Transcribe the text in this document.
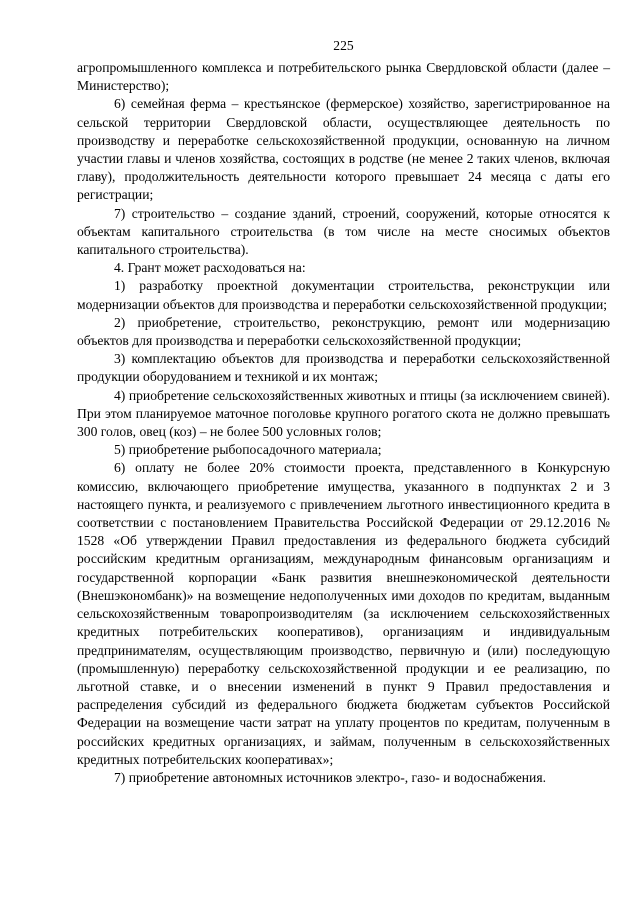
225

агропромышленного комплекса и потребительского рынка Свердловской области (далее – Министерство);

6) семейная ферма – крестьянское (фермерское) хозяйство, зарегистрированное на сельской территории Свердловской области, осуществляющее деятельность по производству и переработке сельскохозяйственной продукции, основанную на личном участии главы и членов хозяйства, состоящих в родстве (не менее 2 таких членов, включая главу), продолжительность деятельности которого превышает 24 месяца с даты его регистрации;

7) строительство – создание зданий, строений, сооружений, которые относятся к объектам капитального строительства (в том числе на месте сносимых объектов капитального строительства).

4. Грант может расходоваться на:

1) разработку проектной документации строительства, реконструкции или модернизации объектов для производства и переработки сельскохозяйственной продукции;

2) приобретение, строительство, реконструкцию, ремонт или модернизацию объектов для производства и переработки сельскохозяйственной продукции;

3) комплектацию объектов для производства и переработки сельскохозяйственной продукции оборудованием и техникой и их монтаж;

4) приобретение сельскохозяйственных животных и птицы (за исключением свиней). При этом планируемое маточное поголовье крупного рогатого скота не должно превышать 300 голов, овец (коз) – не более 500 условных голов;

5) приобретение рыбопосадочного материала;

6) оплату не более 20% стоимости проекта, представленного в Конкурсную комиссию, включающего приобретение имущества, указанного в подпунктах 2 и 3 настоящего пункта, и реализуемого с привлечением льготного инвестиционного кредита в соответствии с постановлением Правительства Российской Федерации от 29.12.2016 № 1528 «Об утверждении Правил предоставления из федерального бюджета субсидий российским кредитным организациям, международным финансовым организациям и государственной корпорации «Банк развития внешнеэкономической деятельности (Внешэкономбанк)» на возмещение недополученных ими доходов по кредитам, выданным сельскохозяйственным товаропроизводителям (за исключением сельскохозяйственных кредитных потребительских кооперативов), организациям и индивидуальным предпринимателям, осуществляющим производство, первичную и (или) последующую (промышленную) переработку сельскохозяйственной продукции и ее реализацию, по льготной ставке, и о внесении изменений в пункт 9 Правил предоставления и распределения субсидий из федерального бюджета бюджетам субъектов Российской Федерации на возмещение части затрат на уплату процентов по кредитам, полученным в российских кредитных организациях, и займам, полученным в сельскохозяйственных кредитных потребительских кооперативах»;

7) приобретение автономных источников электро-, газо- и водоснабжения.
